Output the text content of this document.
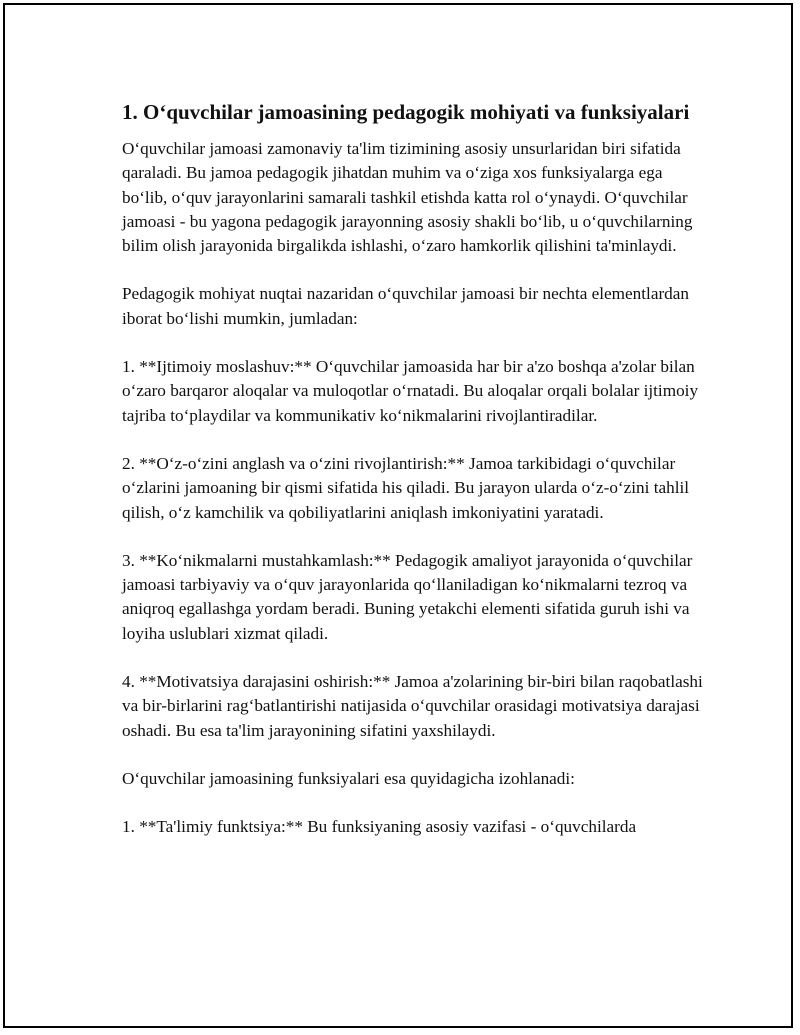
1. O‘quvchilar jamoasining pedagogik mohiyati va funksiyalari

O‘quvchilar jamoasi zamonaviy ta'lim tizimining asosiy unsurlaridan biri sifatida qaraladi. Bu jamoa pedagogik jihatdan muhim va o‘ziga xos funksiyalarga ega bo‘lib, o‘quv jarayonlarini samarali tashkil etishda katta rol o‘ynaydi. O‘quvchilar jamoasi - bu yagona pedagogik jarayonning asosiy shakli bo‘lib, u o‘quvchilarning bilim olish jarayonida birgalikda ishlashi, o‘zaro hamkorlik qilishini ta'minlaydi.

Pedagogik mohiyat nuqtai nazaridan o‘quvchilar jamoasi bir nechta elementlardan iborat bo‘lishi mumkin, jumladan:

1. **Ijtimoiy moslashuv:** O‘quvchilar jamoasida har bir a'zo boshqa a'zolar bilan o‘zaro barqaror aloqalar va muloqotlar o‘rnatadi. Bu aloqalar orqali bolalar ijtimoiy tajriba to‘playdilar va kommunikativ ko‘nikmalarini rivojlantiradilar.

2. **O‘z-o‘zini anglash va o‘zini rivojlantirish:** Jamoa tarkibidagi o‘quvchilar o‘zlarini jamoaning bir qismi sifatida his qiladi. Bu jarayon ularda o‘z-o‘zini tahlil qilish, o‘z kamchilik va qobiliyatlarini aniqlash imkoniyatini yaratadi.

3. **Ko‘nikmalarni mustahkamlash:** Pedagogik amaliyot jarayonida o‘quvchilar jamoasi tarbiyaviy va o‘quv jarayonlarida qo‘llaniladigan ko‘nikmalarni tezroq va aniqroq egallashga yordam beradi. Buning yetakchi elementi sifatida guruh ishi va loyiha uslublari xizmat qiladi.

4. **Motivatsiya darajasini oshirish:** Jamoa a'zolarining bir-biri bilan raqobatlashi va bir-birlarini rag‘batlantirishi natijasida o‘quvchilar orasidagi motivatsiya darajasi oshadi. Bu esa ta'lim jarayonining sifatini yaxshilaydi.

O‘quvchilar jamoasining funksiyalari esa quyidagicha izohlanadi:

1. **Ta'limiy funktsiya:** Bu funksiyaning asosiy vazifasi - o‘quvchilarda
